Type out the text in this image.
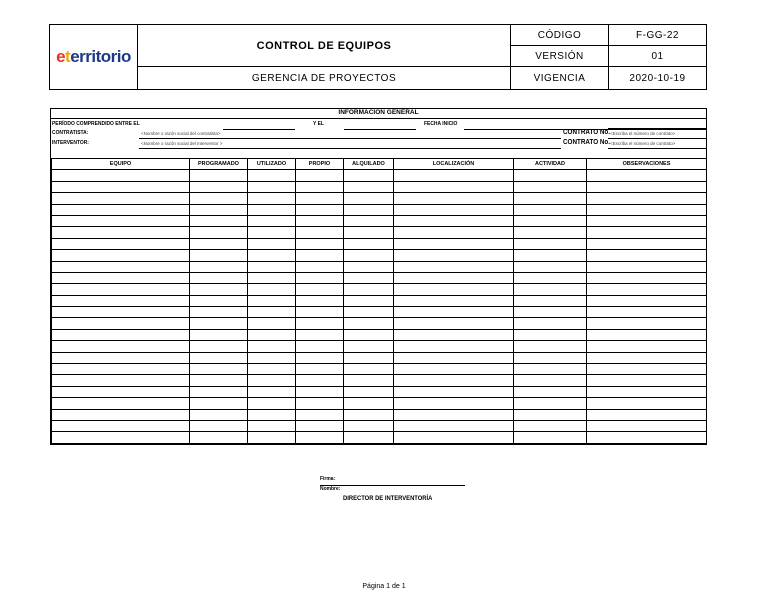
eterritorio
CONTROL DE EQUIPOS
GERENCIA DE PROYECTOS
CÓDIGO	F-GG-22
VERSIÓN	01
VIGENCIA	2020-10-19
INFORMACION GENERAL
PERÍODO COMPRENDIDO ENTRE EL	Y EL	FECHA INICIO
CONTRATISTA:	<Nombre o razón social del contratista>	CONTRATO No. <Escriba el número de contrato>
INTERVENTOR:	<Nombre o razón social del Interventor >	CONTRATO No. <Escriba el número de contrato>
EQUIPO	PROGRAMADO	UTILIZADO	PROPIO	ALQUILADO	LOCALIZACIÓN	ACTIVIDAD	OBSERVACIONES

Firma:
Nombre:
DIRECTOR DE INTERVENTORÍA
Página 1 de 1
